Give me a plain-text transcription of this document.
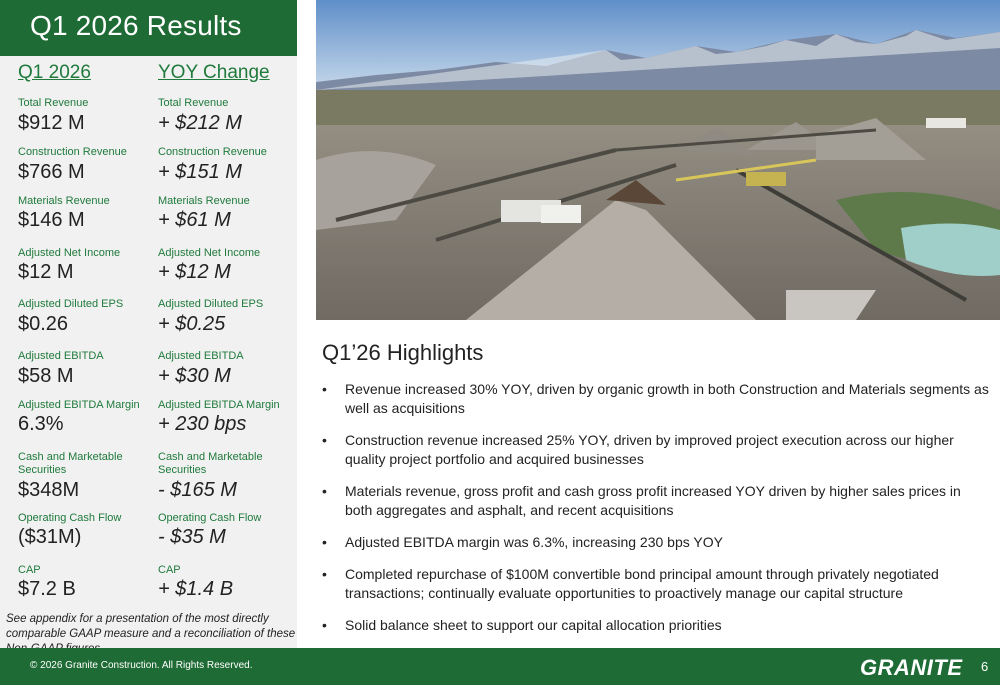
Q1 2026 Results
Q1 2026	YOY Change
Total Revenue
$912 M
Total Revenue
+ $212 M
Construction Revenue
$766 M
Construction Revenue
+ $151 M
Materials Revenue
$146 M
Materials Revenue
+ $61 M
Adjusted Net Income
$12 M
Adjusted Net Income
+ $12 M
Adjusted Diluted EPS
$0.26
Adjusted Diluted EPS
+ $0.25
Adjusted EBITDA
$58 M
Adjusted EBITDA
+ $30 M
Adjusted EBITDA Margin
6.3%
Adjusted EBITDA Margin
+ 230 bps
Cash and Marketable Securities
$348M
Cash and Marketable Securities
- $165 M
Operating Cash Flow
($31M)
Operating Cash Flow
- $35 M
CAP
$7.2 B
CAP
+ $1.4 B
See appendix for a presentation of the most directly comparable GAAP measure and a reconciliation of these
Q1’26 Highlights
• Revenue increased 30% YOY, driven by organic growth in both Construction and Materials segments as well as acquisitions
• Construction revenue increased 25% YOY, driven by improved project execution across our higher quality project portfolio and acquired businesses
• Materials revenue, gross profit and cash gross profit increased YOY driven by higher sales prices in both aggregates and asphalt, and recent acquisitions
• Adjusted EBITDA margin was 6.3%, increasing 230 bps YOY
• Completed repurchase of $100M convertible bond principal amount through privately negotiated transactions; continually evaluate opportunities to proactively manage our capital structure
• Solid balance sheet to support our capital allocation priorities
© 2026 Granite Construction. All Rights Reserved.	GRANITE 6
